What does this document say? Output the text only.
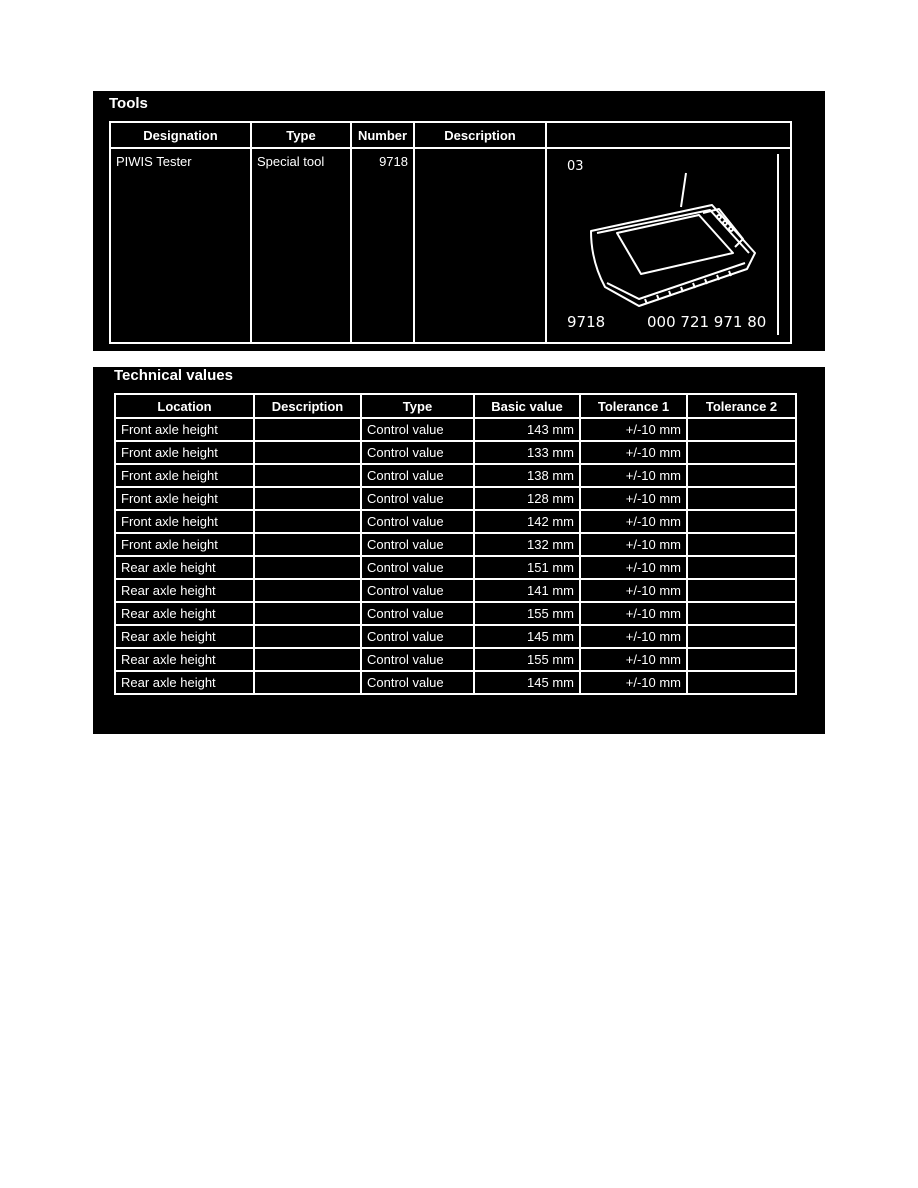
Tools
Designation	Type	Number	Description	
PIWIS Tester	Special tool	9718		03
9718 000 721 971 80
Technical values
Location	Description	Type	Basic value	Tolerance 1	Tolerance 2
Front axle height		Control value	143 mm	+/-10 mm	
Front axle height		Control value	133 mm	+/-10 mm	
Front axle height		Control value	138 mm	+/-10 mm	
Front axle height		Control value	128 mm	+/-10 mm	
Front axle height		Control value	142 mm	+/-10 mm	
Front axle height		Control value	132 mm	+/-10 mm	
Rear axle height		Control value	151 mm	+/-10 mm	
Rear axle height		Control value	141 mm	+/-10 mm	
Rear axle height		Control value	155 mm	+/-10 mm	
Rear axle height		Control value	145 mm	+/-10 mm	
Rear axle height		Control value	155 mm	+/-10 mm	
Rear axle height		Control value	145 mm	+/-10 mm	
